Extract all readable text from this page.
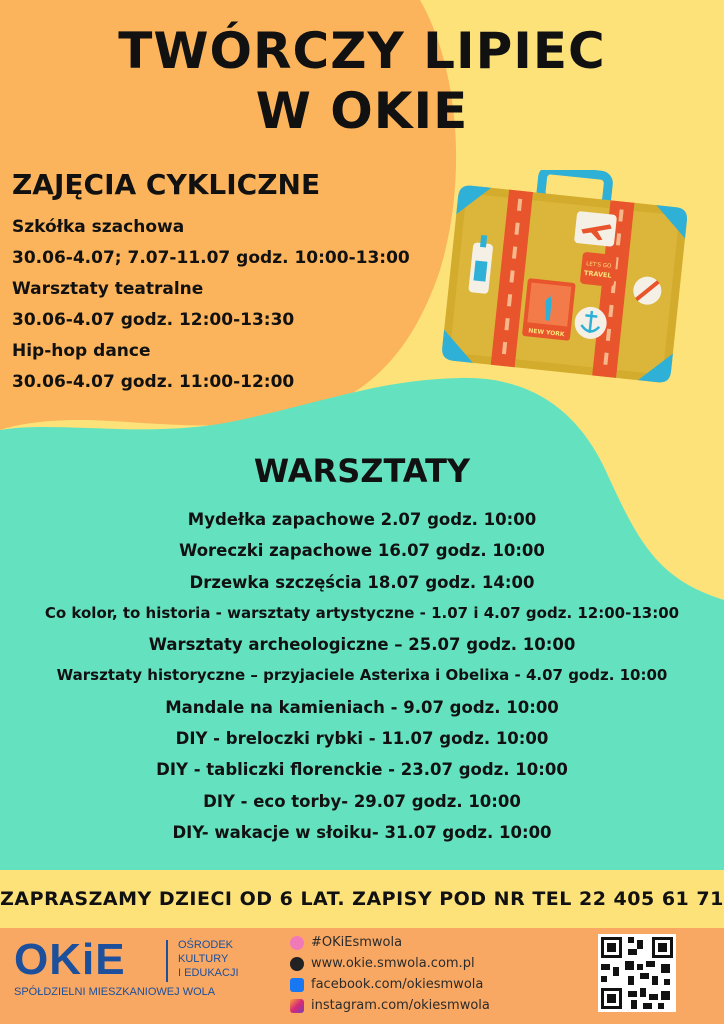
TWÓRCZY LIPIEC
W OKIE
ZAJĘCIA CYKLICZNE
Szkółka szachowa
30.06-4.07; 7.07-11.07 godz. 10:00-13:00
Warsztaty teatralne
30.06-4.07 godz. 12:00-13:30
Hip-hop dance
30.06-4.07 godz. 11:00-12:00
LET'S GO
TRAVEL
NEW YORK
WARSZTATY
Mydełka zapachowe 2.07 godz. 10:00
Woreczki zapachowe 16.07 godz. 10:00
Drzewka szczęścia 18.07 godz. 14:00
Co kolor, to historia - warsztaty artystyczne - 1.07 i 4.07 godz. 12:00-13:00
Warsztaty archeologiczne – 25.07 godz. 10:00
Warsztaty historyczne – przyjaciele Asterixa i Obelixa - 4.07 godz. 10:00
Mandale na kamieniach - 9.07 godz. 10:00
DIY - breloczki rybki - 11.07 godz. 10:00
DIY - tabliczki florenckie - 23.07 godz. 10:00
DIY - eco torby- 29.07 godz. 10:00
DIY- wakacje w słoiku- 31.07 godz. 10:00
ZAPRASZAMY DZIECI OD 6 LAT. ZAPISY POD NR TEL 22 405 61 71
OKiE	OŚRODEK
KULTURY
I EDUKACJI
SPÓŁDZIELNI MIESZKANIOWEJ WOLA
#OKiEsmwola
www.okie.smwola.com.pl
facebook.com/okiesmwola
instagram.com/okiesmwola
